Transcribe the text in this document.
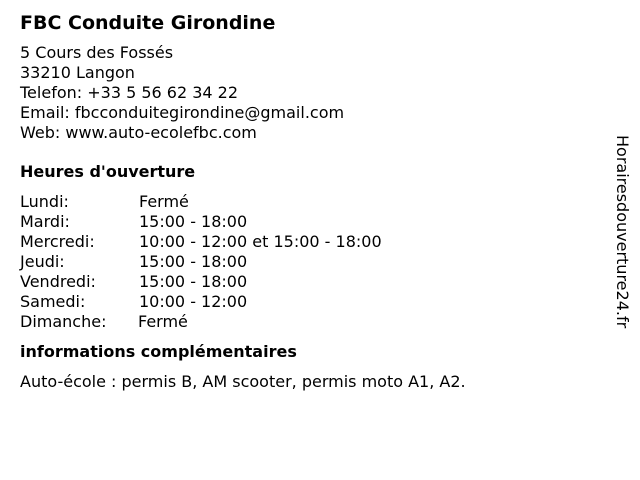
FBC Conduite Girondine
5 Cours des Fossés
33210 Langon
Telefon: +33 5 56 62 34 22
Email: fbcconduitegirondine@gmail.com
Web: www.auto-ecolefbc.com
Heures d'ouverture
Lundi:	Fermé
Mardi:	15:00 - 18:00
Mercredi:	10:00 - 12:00 et 15:00 - 18:00
Jeudi:	15:00 - 18:00
Vendredi:	15:00 - 18:00
Samedi:	10:00 - 12:00
Dimanche: Fermé
informations complémentaires
Auto-école : permis B, AM scooter, permis moto A1, A2.
Horairesdouverture24.fr
